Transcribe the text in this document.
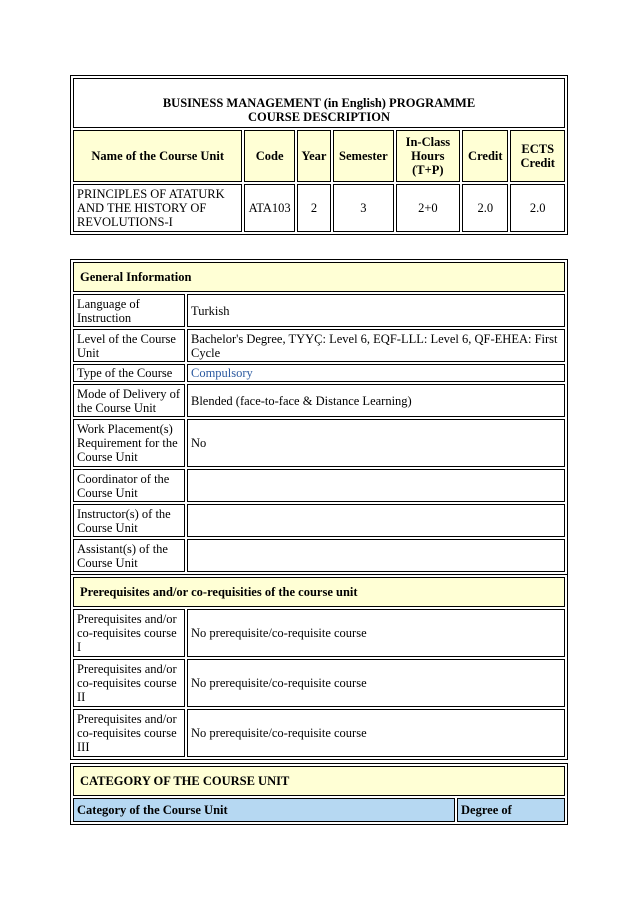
BUSINESS MANAGEMENT (in English) PROGRAMME
COURSE DESCRIPTION						

Name of the Course Unit	Code	Year	Semester	In-Class Hours (T+P)	Credit	ECTS Credit
PRINCIPLES OF ATATURK AND THE HISTORY OF REVOLUTIONS-I	ATA103	2	3	2+0	2.0	2.0
General Information	
Language of Instruction	Turkish
Level of the Course Unit	Bachelor's Degree, TYYÇ: Level 6, EQF-LLL: Level 6, QF-EHEA: First Cycle
Type of the Course	Compulsory
Mode of Delivery of the Course Unit	Blended (face-to-face & Distance Learning)
Work Placement(s) Requirement for the Course Unit	No
Coordinator of the Course Unit	
Instructor(s) of the Course Unit	
Assistant(s) of the Course Unit	
Prerequisites and/or co-requisities of the course unit	
Prerequisites and/or co-requisites course I	No prerequisite/co-requisite course
Prerequisites and/or co-requisites course II	No prerequisite/co-requisite course
Prerequisites and/or co-requisites course III	No prerequisite/co-requisite course
CATEGORY OF THE COURSE UNIT
Category of the Course Unit	Degree of
